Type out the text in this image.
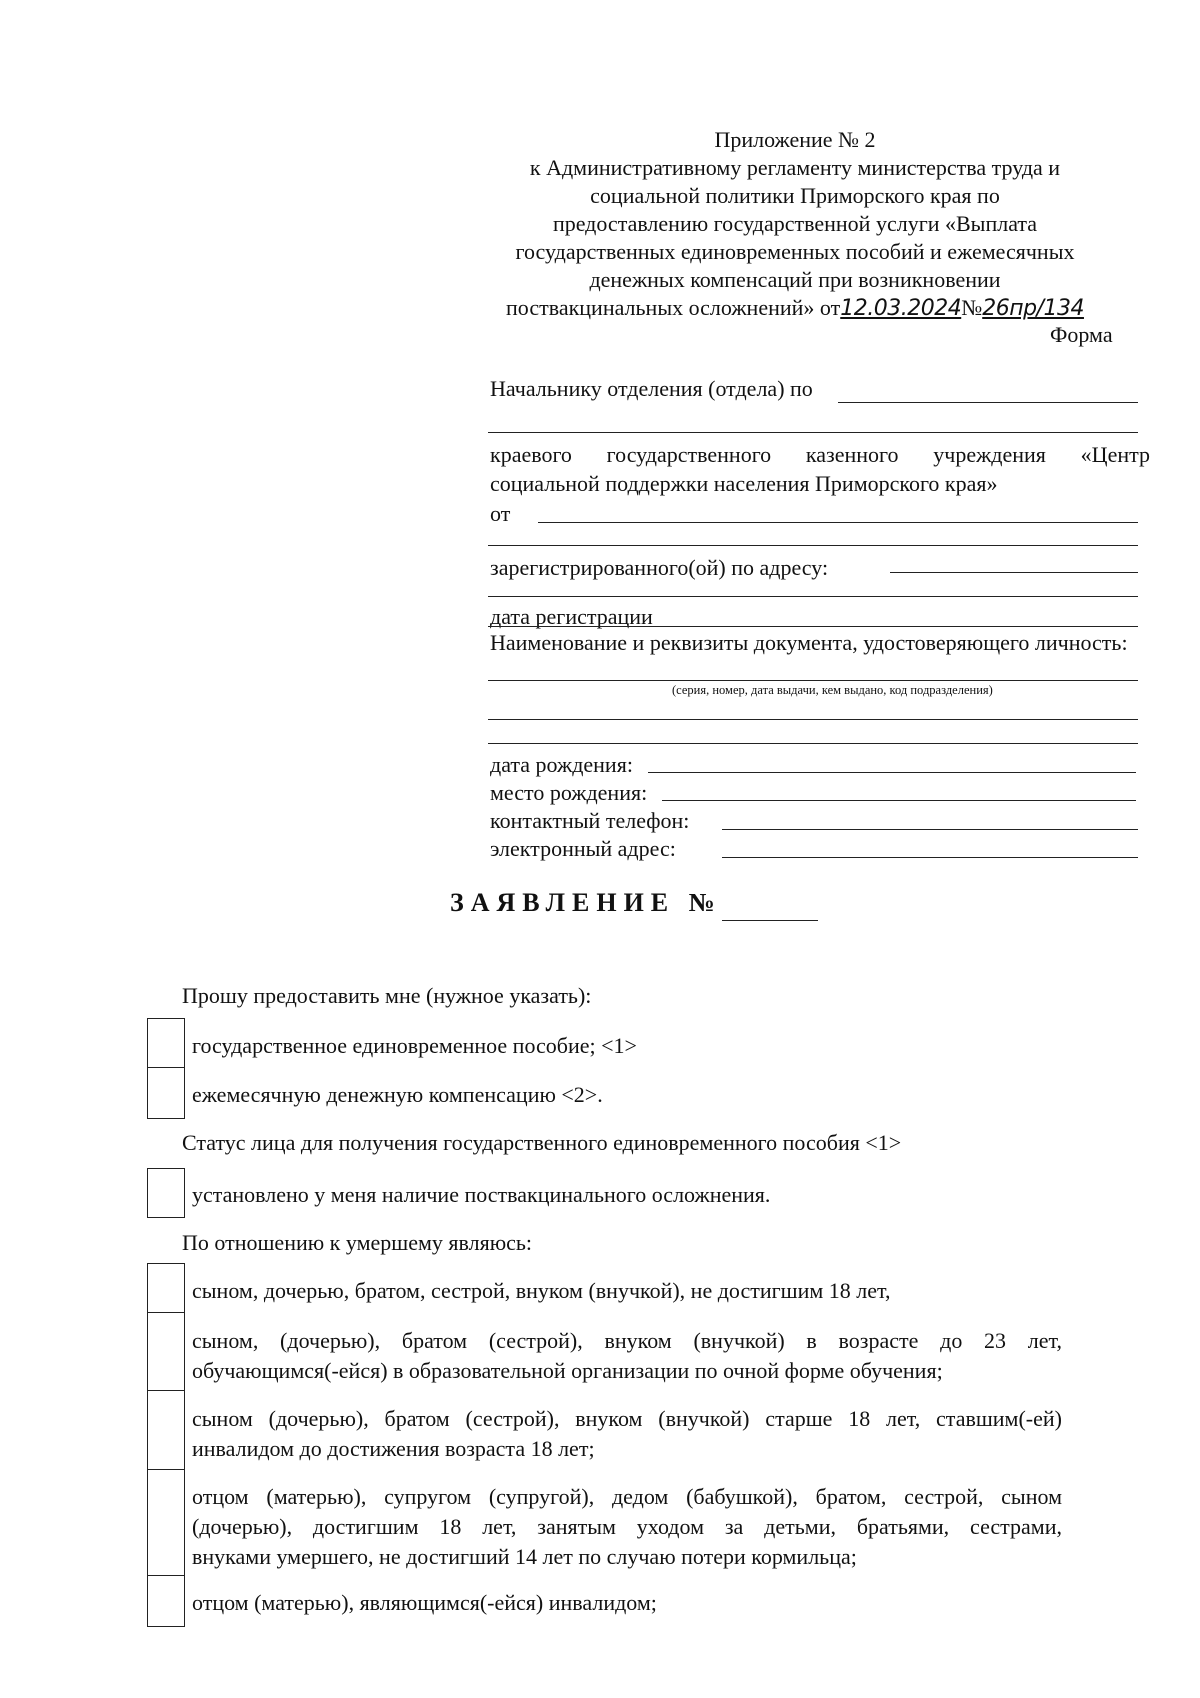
Приложение № 2
к Административному регламенту министерства труда и
социальной политики Приморского края по
предоставлению государственной услуги «Выплата
государственных единовременных пособий и ежемесячных
денежных компенсаций при возникновении
поствакцинальных осложнений» от12.03.2024№26пр/134
Форма
Начальнику отделения (отдела) по
краевого государственного казенного учреждения «Центр
социальной поддержки населения Приморского края»
от
зарегистрированного(ой) по адресу:
дата регистрации
Наименование и реквизиты документа, удостоверяющего личность:
(серия, номер, дата выдачи, кем выдано, код подразделения)
дата рождения:
место рождения:
контактный телефон:
электронный адрес:
ЗАЯВЛЕНИЕ №
Прошу предоставить мне (нужное указать):
государственное единовременное пособие; <1>
ежемесячную денежную компенсацию <2>.
Статус лица для получения государственного единовременного пособия <1>
установлено у меня наличие поствакцинального осложнения.
По отношению к умершему являюсь:
сыном, дочерью, братом, сестрой, внуком (внучкой), не достигшим 18 лет,
сыном, (дочерью), братом (сестрой), внуком (внучкой) в возрасте до 23 лет,
обучающимся(-ейся) в образовательной организации по очной форме обучения;
сыном (дочерью), братом (сестрой), внуком (внучкой) старше 18 лет, ставшим(-ей)
инвалидом до достижения возраста 18 лет;
отцом (матерью), супругом (супругой), дедом (бабушкой), братом, сестрой, сыном
(дочерью), достигшим 18 лет, занятым уходом за детьми, братьями, сестрами,
внуками умершего, не достигший 14 лет по случаю потери кормильца;
отцом (матерью), являющимся(-ейся) инвалидом;
